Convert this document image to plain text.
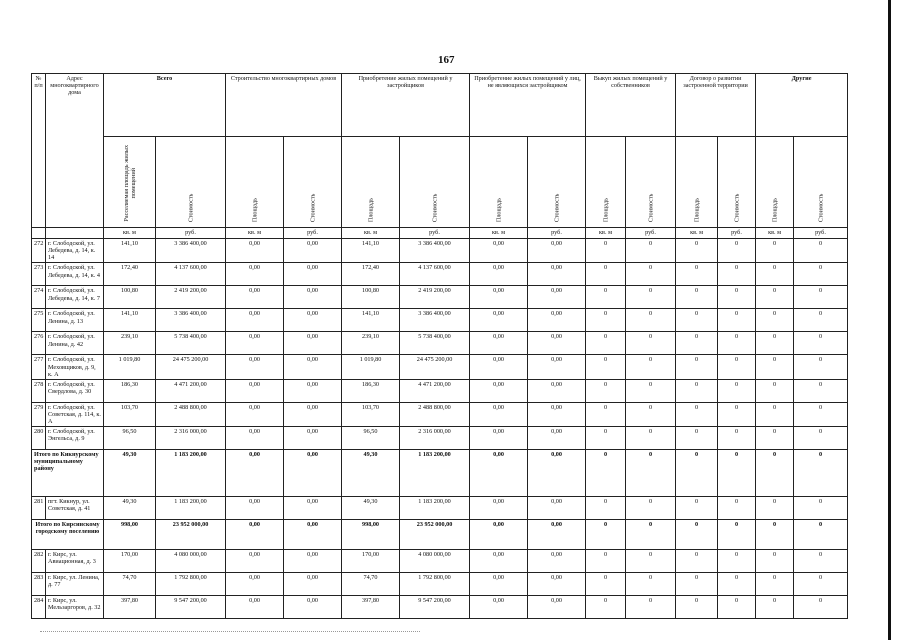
167
№ п/п	Адрес многоквартирного дома	Всего		Строительство многоквартирных домов		Приобретение жилых помещений у застройщиков		Приобретение жилых помещений у лиц, не являющихся застройщиком		Выкуп жилых помещений у собственников		Договор о развитии застроенной территории		Другие	

		Расселяемая площадь жилых помещений	Стоимость	Площадь	Стоимость	Площадь	Стоимость	Площадь	Стоимость	Площадь	Стоимость	Площадь	Стоимость	Площадь	Стоимость

		кв. м	руб.	кв. м	руб.	кв. м	руб.	кв. м	руб.	кв. м	руб.	кв. м	руб.	кв. м	руб.
272	г. Слободской, ул. Лебедева, д. 14, к. 14	141,10	3 386 400,00	0,00	0,00	141,10	3 386 400,00	0,00	0,00	0	0	0	0	0	0
273	г. Слободской, ул. Лебедева, д. 14, к. 4	172,40	4 137 600,00	0,00	0,00	172,40	4 137 600,00	0,00	0,00	0	0	0	0	0	0
274	г. Слободской, ул. Лебедева, д. 14, к. 7	100,80	2 419 200,00	0,00	0,00	100,80	2 419 200,00	0,00	0,00	0	0	0	0	0	0
275	г. Слободской, ул. Ленина, д. 13	141,10	3 386 400,00	0,00	0,00	141,10	3 386 400,00	0,00	0,00	0	0	0	0	0	0
276	г. Слободской, ул. Ленина, д. 42	239,10	5 738 400,00	0,00	0,00	239,10	5 738 400,00	0,00	0,00	0	0	0	0	0	0
277	г. Слободской, ул. Меховщиков, д. 9, к. А	1 019,80	24 475 200,00	0,00	0,00	1 019,80	24 475 200,00	0,00	0,00	0	0	0	0	0	0
278	г. Слободской, ул. Свердлова, д. 30	186,30	4 471 200,00	0,00	0,00	186,30	4 471 200,00	0,00	0,00	0	0	0	0	0	0
279	г. Слободской, ул. Советская, д. 114, к. А	103,70	2 488 800,00	0,00	0,00	103,70	2 488 800,00	0,00	0,00	0	0	0	0	0	0
280	г. Слободской, ул. Энгельса, д. 9	96,50	2 316 000,00	0,00	0,00	96,50	2 316 000,00	0,00	0,00	0	0	0	0	0	0
Итого по Кикнурскому муниципальному району		49,30	1 183 200,00	0,00	0,00	49,30	1 183 200,00	0,00	0,00	0	0	0	0	0	0
281	пгт. Кикнур, ул. Советская, д. 41	49,30	1 183 200,00	0,00	0,00	49,30	1 183 200,00	0,00	0,00	0	0	0	0	0	0
Итого по Кирсинскому городскому поселению		998,00	23 952 000,00	0,00	0,00	998,00	23 952 000,00	0,00	0,00	0	0	0	0	0	0
282	г. Кирс, ул. Авиационная, д. 3	170,00	4 080 000,00	0,00	0,00	170,00	4 080 000,00	0,00	0,00	0	0	0	0	0	0
283	г. Кирс, ул. Ленина, д. 77	74,70	1 792 800,00	0,00	0,00	74,70	1 792 800,00	0,00	0,00	0	0	0	0	0	0
284	г. Кирс, ул. Мельзаргоров, д. 32	397,80	9 547 200,00	0,00	0,00	397,80	9 547 200,00	0,00	0,00	0	0	0	0	0	0
